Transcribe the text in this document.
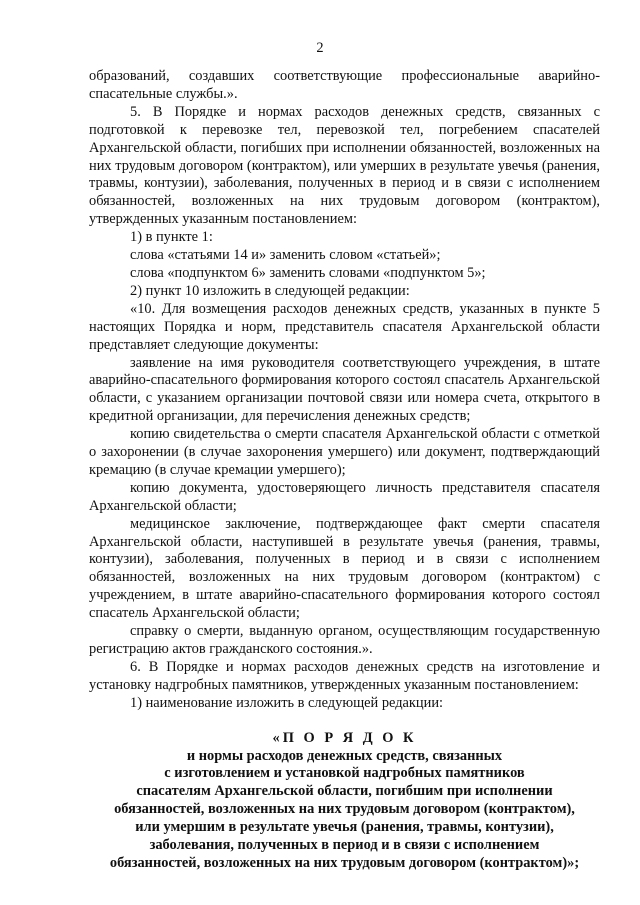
2

образований, создавших соответствующие профессиональные аварийно-спасательные службы.».

5. В Порядке и нормах расходов денежных средств, связанных с подготовкой к перевозке тел, перевозкой тел, погребением спасателей Архангельской области, погибших при исполнении обязанностей, возложенных на них трудовым договором (контрактом), или умерших в результате увечья (ранения, травмы, контузии), заболевания, полученных в период и в связи с исполнением обязанностей, возложенных на них трудовым договором (контрактом), утвержденных указанным постановлением:

1) в пункте 1:

слова «статьями 14 и» заменить словом «статьей»;

слова «подпунктом 6» заменить словами «подпунктом 5»;

2) пункт 10 изложить в следующей редакции:

«10. Для возмещения расходов денежных средств, указанных в пункте 5 настоящих Порядка и норм, представитель спасателя Архангельской области представляет следующие документы:

заявление на имя руководителя соответствующего учреждения, в штате аварийно-спасательного формирования которого состоял спасатель Архангельской области, с указанием организации почтовой связи или номера счета, открытого в кредитной организации, для перечисления денежных средств;

копию свидетельства о смерти спасателя Архангельской области с отметкой о захоронении (в случае захоронения умершего) или документ, подтверждающий кремацию (в случае кремации умершего);

копию документа, удостоверяющего личность представителя спасателя Архангельской области;

медицинское заключение, подтверждающее факт смерти спасателя Архангельской области, наступившей в результате увечья (ранения, травмы, контузии), заболевания, полученных в период и в связи с исполнением обязанностей, возложенных на них трудовым договором (контрактом) с учреждением, в штате аварийно-спасательного формирования которого состоял спасатель Архангельской области;

справку о смерти, выданную органом, осуществляющим государственную регистрацию актов гражданского состояния.».

6. В Порядке и нормах расходов денежных средств на изготовление и установку надгробных памятников, утвержденных указанным постановлением:

1) наименование изложить в следующей редакции:

«П О Р Я Д О К
и нормы расходов денежных средств, связанных
с изготовлением и установкой надгробных памятников
спасателям Архангельской области, погибшим при исполнении
обязанностей, возложенных на них трудовым договором (контрактом),
или умершим в результате увечья (ранения, травмы, контузии),
заболевания, полученных в период и в связи с исполнением
обязанностей, возложенных на них трудовым договором (контрактом)»;
